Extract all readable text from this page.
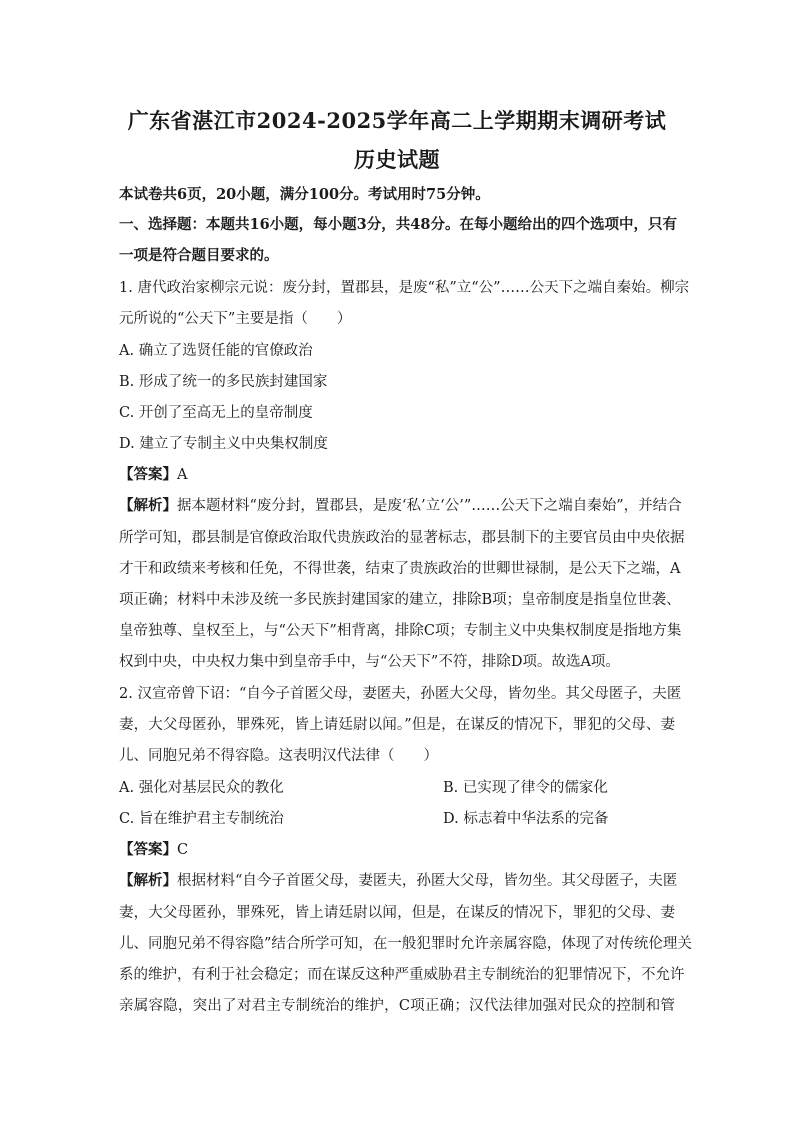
广东省湛江市2024-2025学年高二上学期期末调研考试
历史试题
本试卷共6页，20小题，满分100分。考试用时75分钟。
一、选择题：本题共16小题，每小题3分，共48分。在每小题给出的四个选项中，只有
一项是符合题目要求的。
1. 唐代政治家柳宗元说：废分封，置郡县，是废“私”立“公”……公天下之端自秦始。柳宗
元所说的“公天下”主要是指（　　）
A. 确立了选贤任能的官僚政治
B. 形成了统一的多民族封建国家
C. 开创了至高无上的皇帝制度
D. 建立了专制主义中央集权制度
【答案】A
【解析】据本题材料“废分封，置郡县，是废‘私’立‘公’”……公天下之端自秦始”，并结合
所学可知，郡县制是官僚政治取代贵族政治的显著标志，郡县制下的主要官员由中央依据
才干和政绩来考核和任免，不得世袭，结束了贵族政治的世卿世禄制，是公天下之端，A
项正确；材料中未涉及统一多民族封建国家的建立，排除B项；皇帝制度是指皇位世袭、
皇帝独尊、皇权至上，与“公天下”相背离，排除C项；专制主义中央集权制度是指地方集
权到中央，中央权力集中到皇帝手中，与“公天下”不符，排除D项。故选A项。
2. 汉宣帝曾下诏：“自今子首匿父母，妻匿夫，孙匿大父母，皆勿坐。其父母匿子，夫匿
妻，大父母匿孙，罪殊死，皆上请廷尉以闻。”但是，在谋反的情况下，罪犯的父母、妻
儿、同胞兄弟不得容隐。这表明汉代法律（　　）
A. 强化对基层民众的教化	B. 已实现了律令的儒家化
C. 旨在维护君主专制统治	D. 标志着中华法系的完备
【答案】C
【解析】根据材料“自今子首匿父母，妻匿夫，孙匿大父母，皆勿坐。其父母匿子，夫匿
妻，大父母匿孙，罪殊死，皆上请廷尉以闻，但是，在谋反的情况下，罪犯的父母、妻
儿、同胞兄弟不得容隐”结合所学可知，在一般犯罪时允许亲属容隐，体现了对传统伦理关
系的维护，有利于社会稳定；而在谋反这种严重威胁君主专制统治的犯罪情况下，不允许
亲属容隐，突出了对君主专制统治的维护，C项正确；汉代法律加强对民众的控制和管
